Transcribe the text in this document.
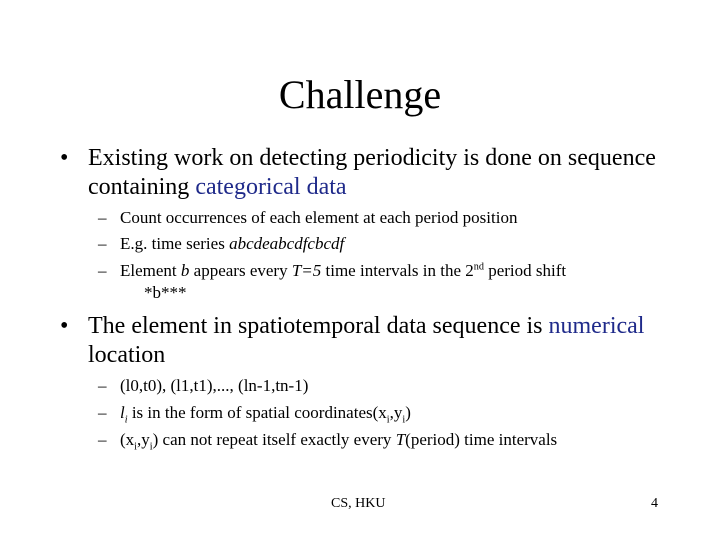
Challenge
• Existing work on detecting periodicity is done on sequence containing categorical data
– Count occurrences of each element at each period position
– E.g. time series abcdeabcdfcbcdf
– Element b appears every T=5 time intervals in the 2nd period shift
*b***
• The element in spatiotemporal data sequence is numerical location
– (l0,t0), (l1,t1),..., (ln-1,tn-1)
– $l_i$ is in the form of spatial $coordinates(x_i,y_i)$
– $(x_i,y_i)$ can not repeat itself exactly every T(period) time intervals
CS, HKU	4
